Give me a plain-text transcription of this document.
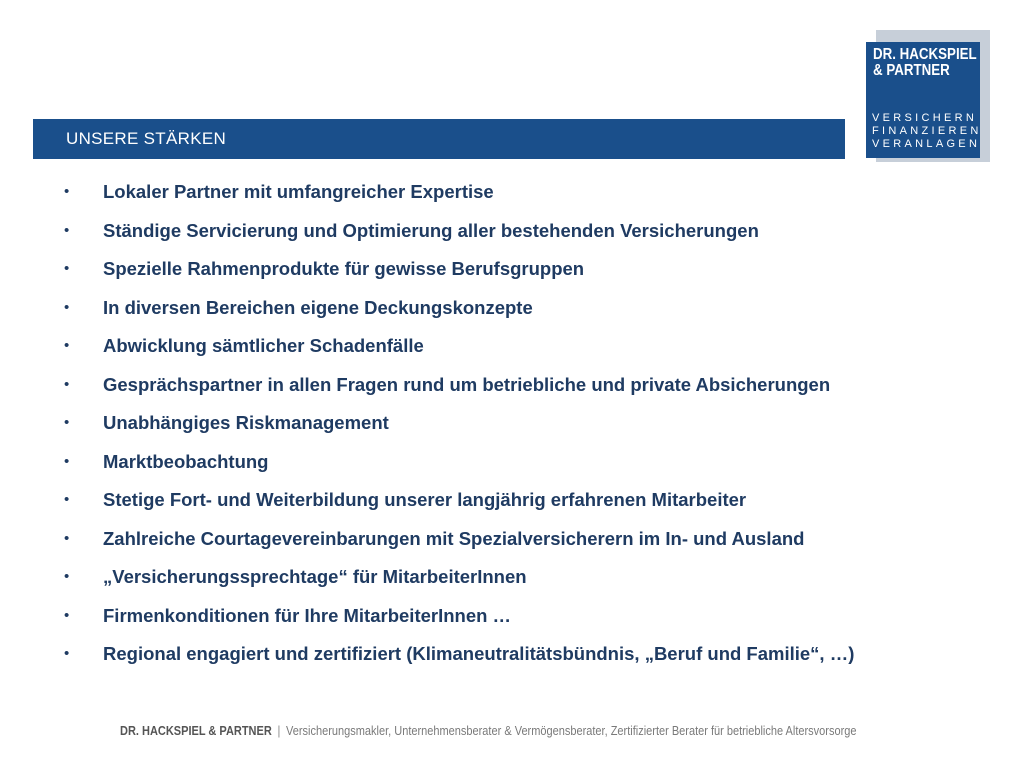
DR. HACKSPIEL
& PARTNER
VERSICHERN
FINANZIEREN
VERANLAGEN
UNSERE STÄRKEN
• Lokaler Partner mit umfangreicher Expertise
• Ständige Servicierung und Optimierung aller bestehenden Versicherungen
• Spezielle Rahmenprodukte für gewisse Berufsgruppen
• In diversen Bereichen eigene Deckungskonzepte
• Abwicklung sämtlicher Schadenfälle
• Gesprächspartner in allen Fragen rund um betriebliche und private Absicherungen
• Unabhängiges Riskmanagement
• Marktbeobachtung
• Stetige Fort- und Weiterbildung unserer langjährig erfahrenen Mitarbeiter
• Zahlreiche Courtagevereinbarungen mit Spezialversicherern im In- und Ausland
• „Versicherungssprechtage“ für MitarbeiterInnen
• Firmenkonditionen für Ihre MitarbeiterInnen …
• Regional engagiert und zertifiziert (Klimaneutralitätsbündnis, „Beruf und Familie“, …)
DR. HACKSPIEL & PARTNER | Versicherungsmakler, Unternehmensberater & Vermögensberater, Zertifizierter Berater für betriebliche Altersvorsorge
